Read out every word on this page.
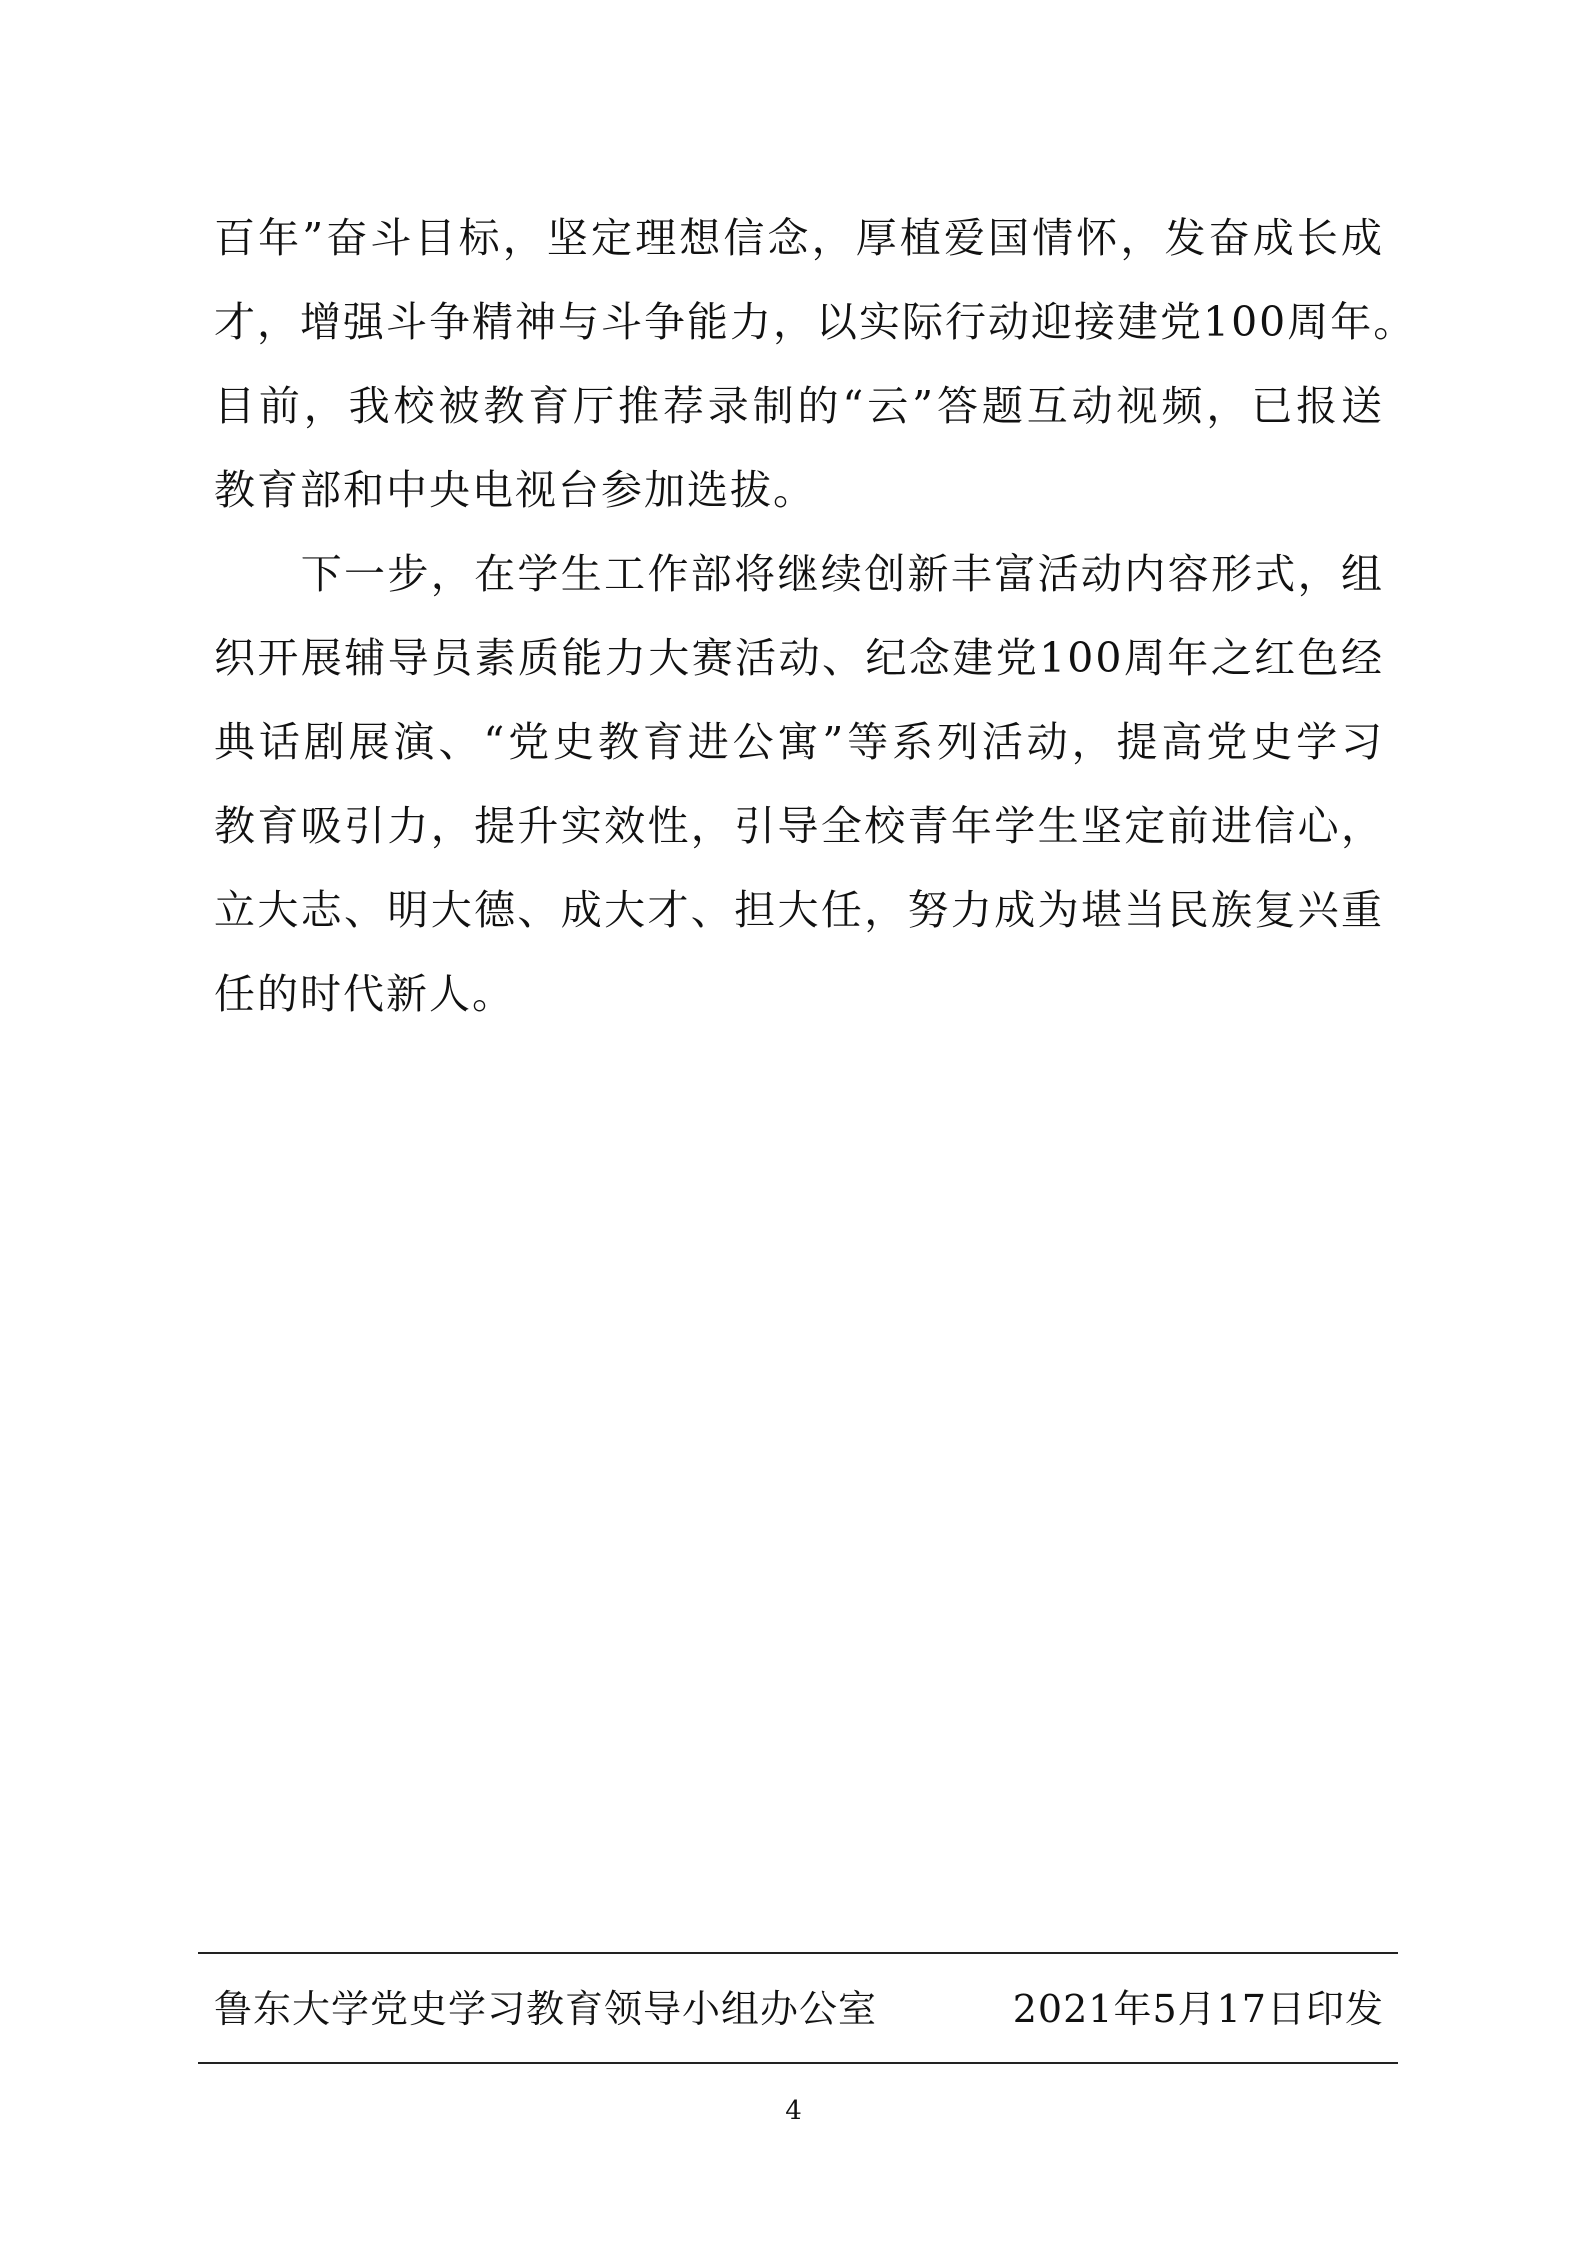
百年”奋斗目标，坚定理想信念，厚植爱国情怀，发奋成长成
才，增强斗争精神与斗争能力，以实际行动迎接建党100周年。
目前，我校被教育厅推荐录制的“云”答题互动视频，已报送
教育部和中央电视台参加选拔。
　　下一步，在学生工作部将继续创新丰富活动内容形式，组
织开展辅导员素质能力大赛活动、纪念建党100周年之红色经
典话剧展演、“党史教育进公寓”等系列活动，提高党史学习
教育吸引力，提升实效性，引导全校青年学生坚定前进信心，
立大志、明大德、成大才、担大任，努力成为堪当民族复兴重
任的时代新人。
鲁东大学党史学习教育领导小组办公室	2021年5月17日印发
4
